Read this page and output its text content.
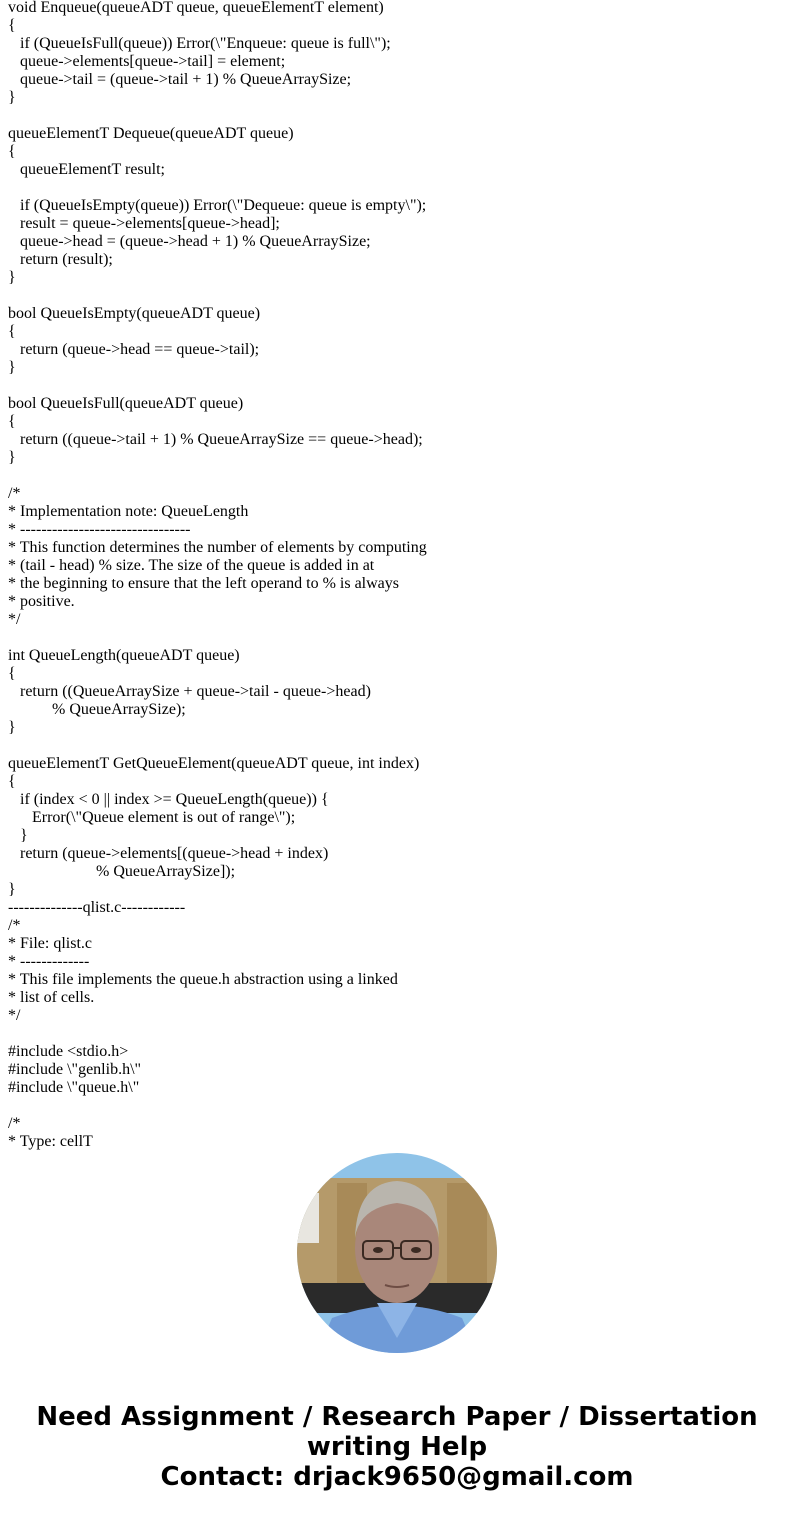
void Enqueue(queueADT queue, queueElementT element)
{
if (QueueIsFull(queue)) Error(\"Enqueue: queue is full\");
queue->elements[queue->tail] = element;
queue->tail = (queue->tail + 1) % QueueArraySize;
}

queueElementT Dequeue(queueADT queue)
{
queueElementT result;

if (QueueIsEmpty(queue)) Error(\"Dequeue: queue is empty\");
result = queue->elements[queue->head];
queue->head = (queue->head + 1) % QueueArraySize;
return (result);
}

bool QueueIsEmpty(queueADT queue)
{
return (queue->head == queue->tail);
}

bool QueueIsFull(queueADT queue)
{
return ((queue->tail + 1) % QueueArraySize == queue->head);
}

/*
* Implementation note: QueueLength
* --------------------------------
* This function determines the number of elements by computing
* (tail - head) % size. The size of the queue is added in at
* the beginning to ensure that the left operand to % is always
* positive.
*/

int QueueLength(queueADT queue)
{
return ((QueueArraySize + queue->tail - queue->head)
% QueueArraySize);
}

queueElementT GetQueueElement(queueADT queue, int index)
{
if (index < 0 || index >= QueueLength(queue)) {
Error(\"Queue element is out of range\");
}
return (queue->elements[(queue->head + index)
% QueueArraySize]);
}
--------------qlist.c------------
/*
* File: qlist.c
* -------------
* This file implements the queue.h abstraction using a linked
* list of cells.
*/

#include <stdio.h>
#include \"genlib.h\"
#include \"queue.h\"

/*
* Type: cellT
Need Assignment / Research Paper / Dissertation
writing Help
Contact: drjack9650@gmail.com
